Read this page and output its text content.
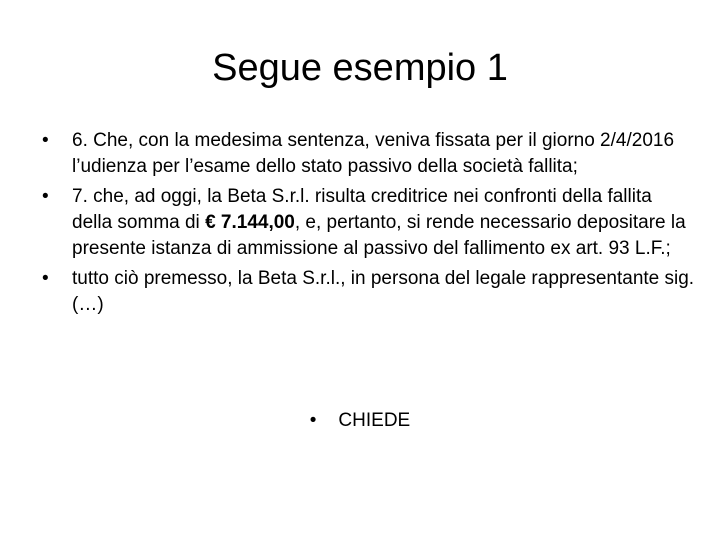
Segue esempio 1
• 6. Che, con la medesima sentenza, veniva fissata per il giorno 2/4/2016 l’udienza per l’esame dello stato passivo della società fallita;
• 7. che, ad oggi, la Beta S.r.l. risulta creditrice nei confronti della fallita della somma di € 7.144,00, e, pertanto, si rende necessario depositare la presente istanza di ammissione al passivo del fallimento ex art. 93 L.F.;
• tutto ciò premesso, la Beta S.r.l., in persona del legale rappresentante sig. (…)
• CHIEDE
